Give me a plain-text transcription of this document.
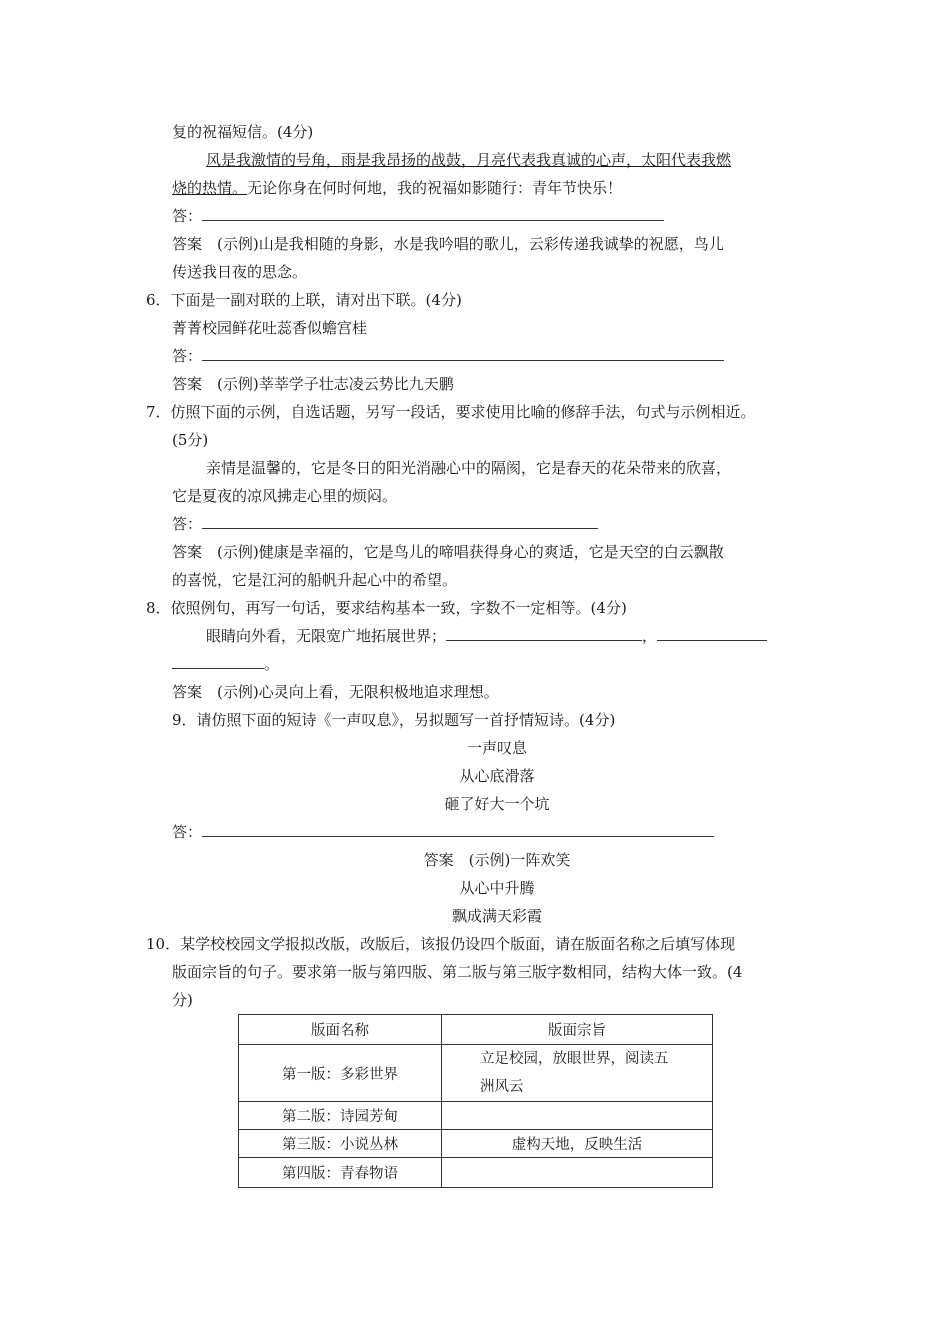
复的祝福短信。(4分)
风是我激情的号角，雨是我昂扬的战鼓，月亮代表我真诚的心声，太阳代表我燃
烧的热情。无论你身在何时何地，我的祝福如影随行：青年节快乐！
答：
答案　(示例)山是我相随的身影，水是我吟唱的歌儿，云彩传递我诚挚的祝愿，鸟儿
传送我日夜的思念。
6．下面是一副对联的上联，请对出下联。(4分)
菁菁校园鲜花吐蕊香似蟾宫桂
答：
答案　(示例)莘莘学子壮志凌云势比九天鹏
7．仿照下面的示例，自选话题，另写一段话，要求使用比喻的修辞手法，句式与示例相近。
(5分)
亲情是温馨的，它是冬日的阳光消融心中的隔阂，它是春天的花朵带来的欣喜，
它是夏夜的凉风拂走心里的烦闷。
答：
答案　(示例)健康是幸福的，它是鸟儿的啼唱获得身心的爽适，它是天空的白云飘散
的喜悦，它是江河的船帆升起心中的希望。
8．依照例句，再写一句话，要求结构基本一致，字数不一定相等。(4分)
眼睛向外看，无限宽广地拓展世界；	，
。
答案　(示例)心灵向上看，无限积极地追求理想。
9．请仿照下面的短诗《一声叹息》，另拟题写一首抒情短诗。(4分)
一声叹息
从心底滑落
砸了好大一个坑
答：
答案　(示例)一阵欢笑
从心中升腾
飘成满天彩霞
10．某学校校园文学报拟改版，改版后，该报仍设四个版面，请在版面名称之后填写体现
版面宗旨的句子。要求第一版与第四版、第二版与第三版字数相同，结构大体一致。(4
分)
版面名称	版面宗旨
第一版：多彩世界	立足校园，放眼世界，阅读五
洲风云

第二版：诗园芳甸	
第三版：小说丛林	虚构天地，反映生活
第四版：青春物语	
